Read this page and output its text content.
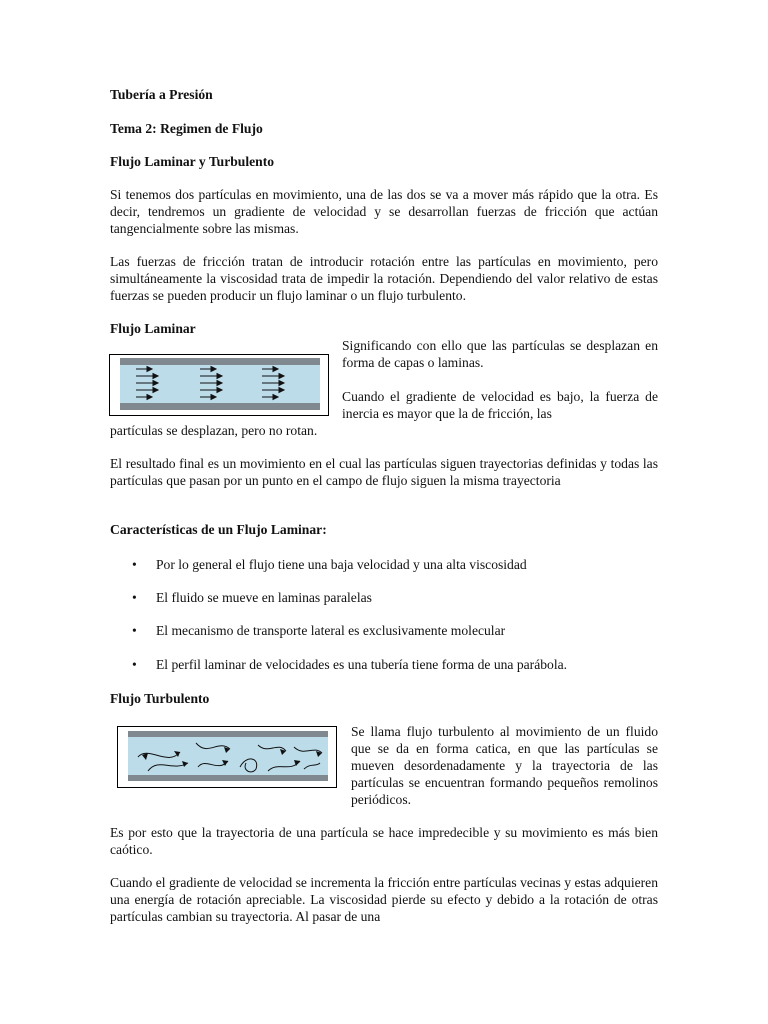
Tubería a Presión
Tema 2: Regimen de Flujo
Flujo Laminar y Turbulento
Si tenemos dos partículas en movimiento, una de las dos se va a mover más rápido que la otra. Es decir, tendremos un gradiente de velocidad y se desarrollan fuerzas de fricción que actúan tangencialmente sobre las mismas.
Las fuerzas de fricción tratan de introducir rotación entre las partículas en movimiento, pero simultáneamente la viscosidad trata de impedir la rotación. Dependiendo del valor relativo de estas fuerzas se pueden producir un flujo laminar o un flujo turbulento.
Flujo Laminar
Significando con ello que las partículas se desplazan en forma de capas o laminas.
Cuando el gradiente de velocidad es bajo, la fuerza de inercia es mayor que la de fricción, las
partículas se desplazan, pero no rotan.
El resultado final es un movimiento en el cual las partículas siguen trayectorias definidas y todas las partículas que pasan por un punto en el campo de flujo siguen la misma trayectoria
Características de un Flujo Laminar:
• Por lo general el flujo tiene una baja velocidad y una alta viscosidad
• El fluido se mueve en laminas paralelas
• El mecanismo de transporte lateral es exclusivamente molecular
• El perfil laminar de velocidades es una tubería tiene forma de una parábola.
Flujo Turbulento
Se llama flujo turbulento al movimiento de un fluido que se da en forma catica, en que las partículas se mueven desordenadamente y la trayectoria de las partículas se encuentran formando pequeños remolinos periódicos.
Es por esto que la trayectoria de una partícula se hace impredecible y su movimiento es más bien caótico.
Cuando el gradiente de velocidad se incrementa la fricción entre partículas vecinas y estas adquieren una energía de rotación apreciable. La viscosidad pierde su efecto y debido a la rotación de otras partículas cambian su trayectoria. Al pasar de una
